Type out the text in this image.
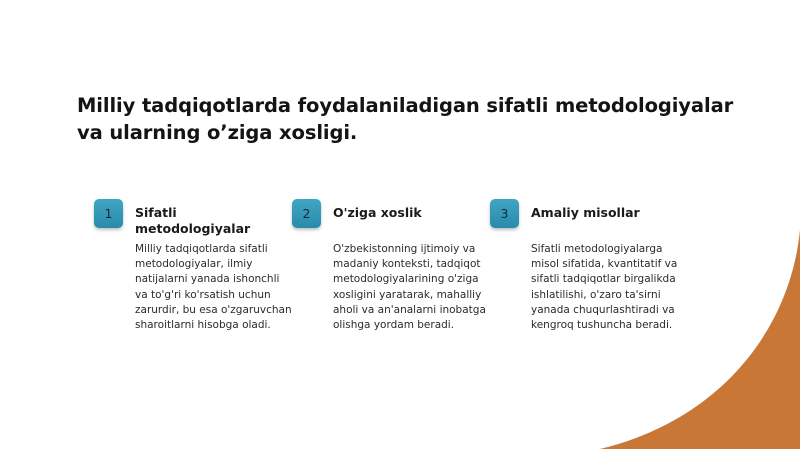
Milliy tadqiqotlarda foydalaniladigan sifatli metodologiyalar va ularning o’ziga xosligi.
1	Sifatli metodologiyalar

Milliy tadqiqotlarda sifatli metodologiyalar, ilmiy natijalarni yanada ishonchli va to'g'ri ko'rsatish uchun zarurdir, bu esa o'zgaruvchan sharoitlarni hisobga oladi.

2	O'ziga xoslik

O'zbekistonning ijtimoiy va madaniy konteksti, tadqiqot metodologiyalarining o'ziga xosligini yaratarak, mahalliy aholi va an'analarni inobatga olishga yordam beradi.

3	Amaliy misollar

Sifatli metodologiyalarga misol sifatida, kvantitatif va sifatli tadqiqotlar birgalikda ishlatilishi, o'zaro ta'sirni yanada chuqurlashtiradi va kengroq tushuncha beradi.
